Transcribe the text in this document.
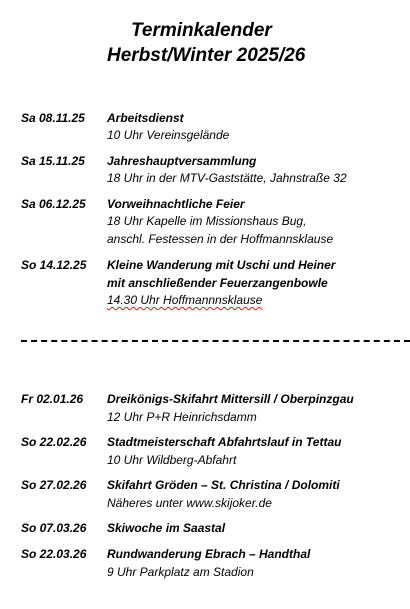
Terminkalender
Herbst/Winter 2025/26
Sa 08.11.25 Arbeitsdienst
10 Uhr Vereinsgelände
Sa 15.11.25 Jahreshauptversammlung
18 Uhr in der MTV-Gaststätte, Jahnstraße 32
Sa 06.12.25 Vorweihnachtliche Feier
18 Uhr Kapelle im Missionshaus Bug,
anschl. Festessen in der Hoffmannsklause
So 14.12.25 Kleine Wanderung mit Uschi und Heiner
mit anschließender Feuerzangenbowle
14.30 Uhr Hoffmannnsklause
Fr 02.01.26 Dreikönigs-Skifahrt Mittersill / Oberpinzgau
12 Uhr P+R Heinrichsdamm
So 22.02.26 Stadtmeisterschaft Abfahrtslauf in Tettau
10 Uhr Wildberg-Abfahrt
So 27.02.26 Skifahrt Gröden – St. Christina / Dolomiti
Näheres unter www.skijoker.de
So 07.03.26 Skiwoche im Saastal
So 22.03.26 Rundwanderung Ebrach – Handthal
9 Uhr Parkplatz am Stadion
